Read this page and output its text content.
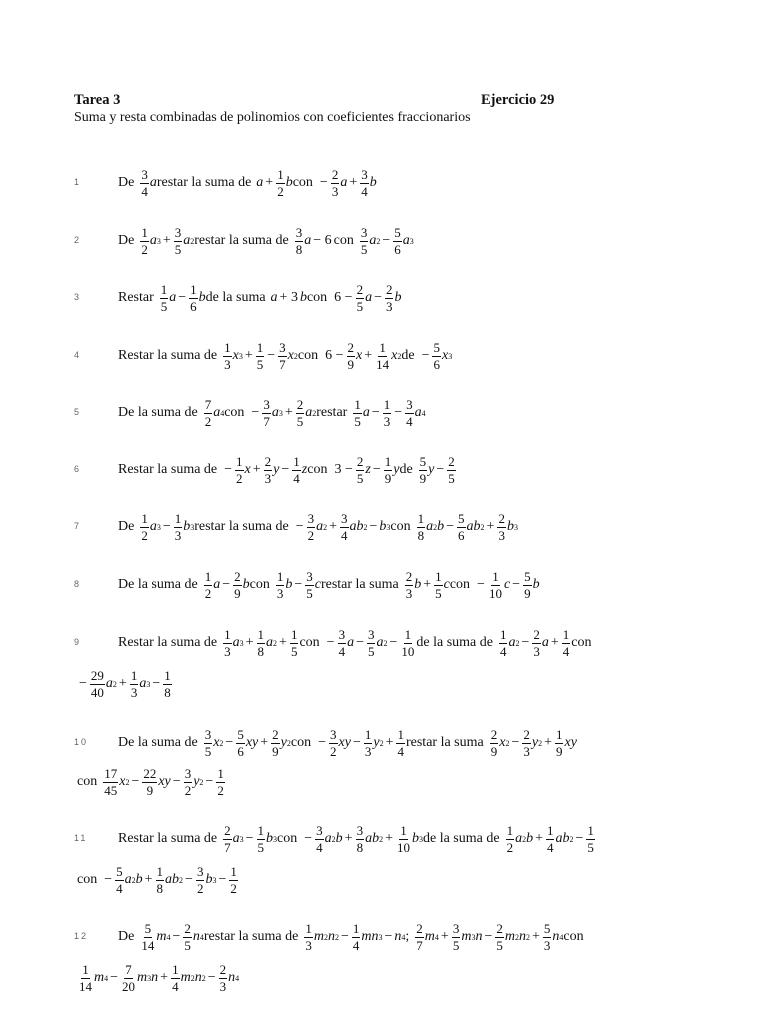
Tarea 3	Ejercicio 29
Suma y resta combinadas de polinomios con coeficientes fraccionarios
1	De $\frac{3}{4}$ a restar la suma de $a + \frac{1}{2}$ b con − $\frac{2}{3}$ $a + \frac{3}{4}$ b
2	De $\frac{1}{2}$ a $3 + \frac{3}{5}$ a 2 restar la suma de $\frac{3}{8}$ a − 6 con $\frac{3}{5}$ a $2 - \frac{5}{6}$ a 3
3	Restar $\frac{1}{5}$ $a - \frac{1}{6}$ b de la suma a + 3 b con $6 - \frac{2}{5}$ $a - \frac{2}{3}$ b
4	Restar la suma de $\frac{1}{3}$ x $3 + \frac{1}{5} - \frac{3}{7}$ x 2 con $6 - \frac{2}{9}$ $x + \frac{1}{14}$ x 2 de − $\frac{5}{6}$ x 3
5	De la suma de $\frac{7}{2}$ a 4 con − $\frac{3}{7}$ a $3 + \frac{2}{5}$ a 2 restar $\frac{1}{5}$ $a - \frac{1}{3} - \frac{3}{4}$ a 4
6	Restar la suma de − $\frac{1}{2}$ $x + \frac{2}{3}$ $y - \frac{1}{4}$ z con $3 - \frac{2}{5}$ $z - \frac{1}{9}$ y de $\frac{5}{9}$ $y - \frac{2}{5}$
7	De $\frac{1}{2}$ a $3 - \frac{1}{3}$ b 3 restar la suma de − $\frac{3}{2}$ a $2 + \frac{3}{4}$ ab 2 − b 3 con $\frac{1}{8}$ a 2 $b - \frac{5}{6}$ ab $2 + \frac{2}{3}$ b 3
8	De la suma de $\frac{1}{2}$ $a - \frac{2}{9}$ b con $\frac{1}{3}$ $b - \frac{3}{5}$ c restar la suma $\frac{2}{3}$ $b + \frac{1}{5}$ c con − $\frac{1}{10}$ $c - \frac{5}{9}$ b
9	Restar la suma de $\frac{1}{3}$ a $3 + \frac{1}{8}$ a $2 + \frac{1}{5}$ con − $\frac{3}{4}$ $a - \frac{3}{5}$ a $2 - \frac{1}{10}$ de la suma de $\frac{1}{4}$ a $2 - \frac{2}{3}$ $a + \frac{1}{4}$ con
− $\frac{29}{40}$ a $2 + \frac{1}{3}$ a $3 - \frac{1}{8}$
10 De la suma de $\frac{3}{5}$ x $2 - \frac{5}{6}$ xy + $\frac{2}{9}$ y 2 con − $\frac{3}{2}$ xy − $\frac{1}{3}$ y $2 + \frac{1}{4}$ restar la suma $\frac{2}{9}$ x $2 - \frac{2}{3}$ y $2 + \frac{1}{9}$ xy
con $\frac{17}{45}$ x $2 - \frac{22}{9}$ xy − $\frac{3}{2}$ y $2 - \frac{1}{2}$
11 Restar la suma de $\frac{2}{7}$ a $3 - \frac{1}{5}$ b 3 con − $\frac{3}{4}$ a 2 $b + \frac{3}{8}$ ab $2 + \frac{1}{10}$ b 3 de la suma de $\frac{1}{2}$ a 2 $b + \frac{1}{4}$ ab $2 - \frac{1}{5}$
con − $\frac{5}{4}$ a 2 $b + \frac{1}{8}$ ab $2 - \frac{3}{2}$ b $3 - \frac{1}{2}$
12 De $\frac{5}{14}$ m $4 - \frac{2}{5}$ n 4 restar la suma de $\frac{1}{3}$ m 2 n $2 - \frac{1}{4}$ mn 3 − n 4 ; $\frac{2}{7}$ m $4 + \frac{3}{5}$ m 3 $n - \frac{2}{5}$ m 2 n $2 + \frac{5}{3}$ n 4 con
$\frac{1}{14}$ m $4 - \frac{7}{20}$ m 3 $n + \frac{1}{4}$ m 2 n $2 - \frac{2}{3}$ n 4
